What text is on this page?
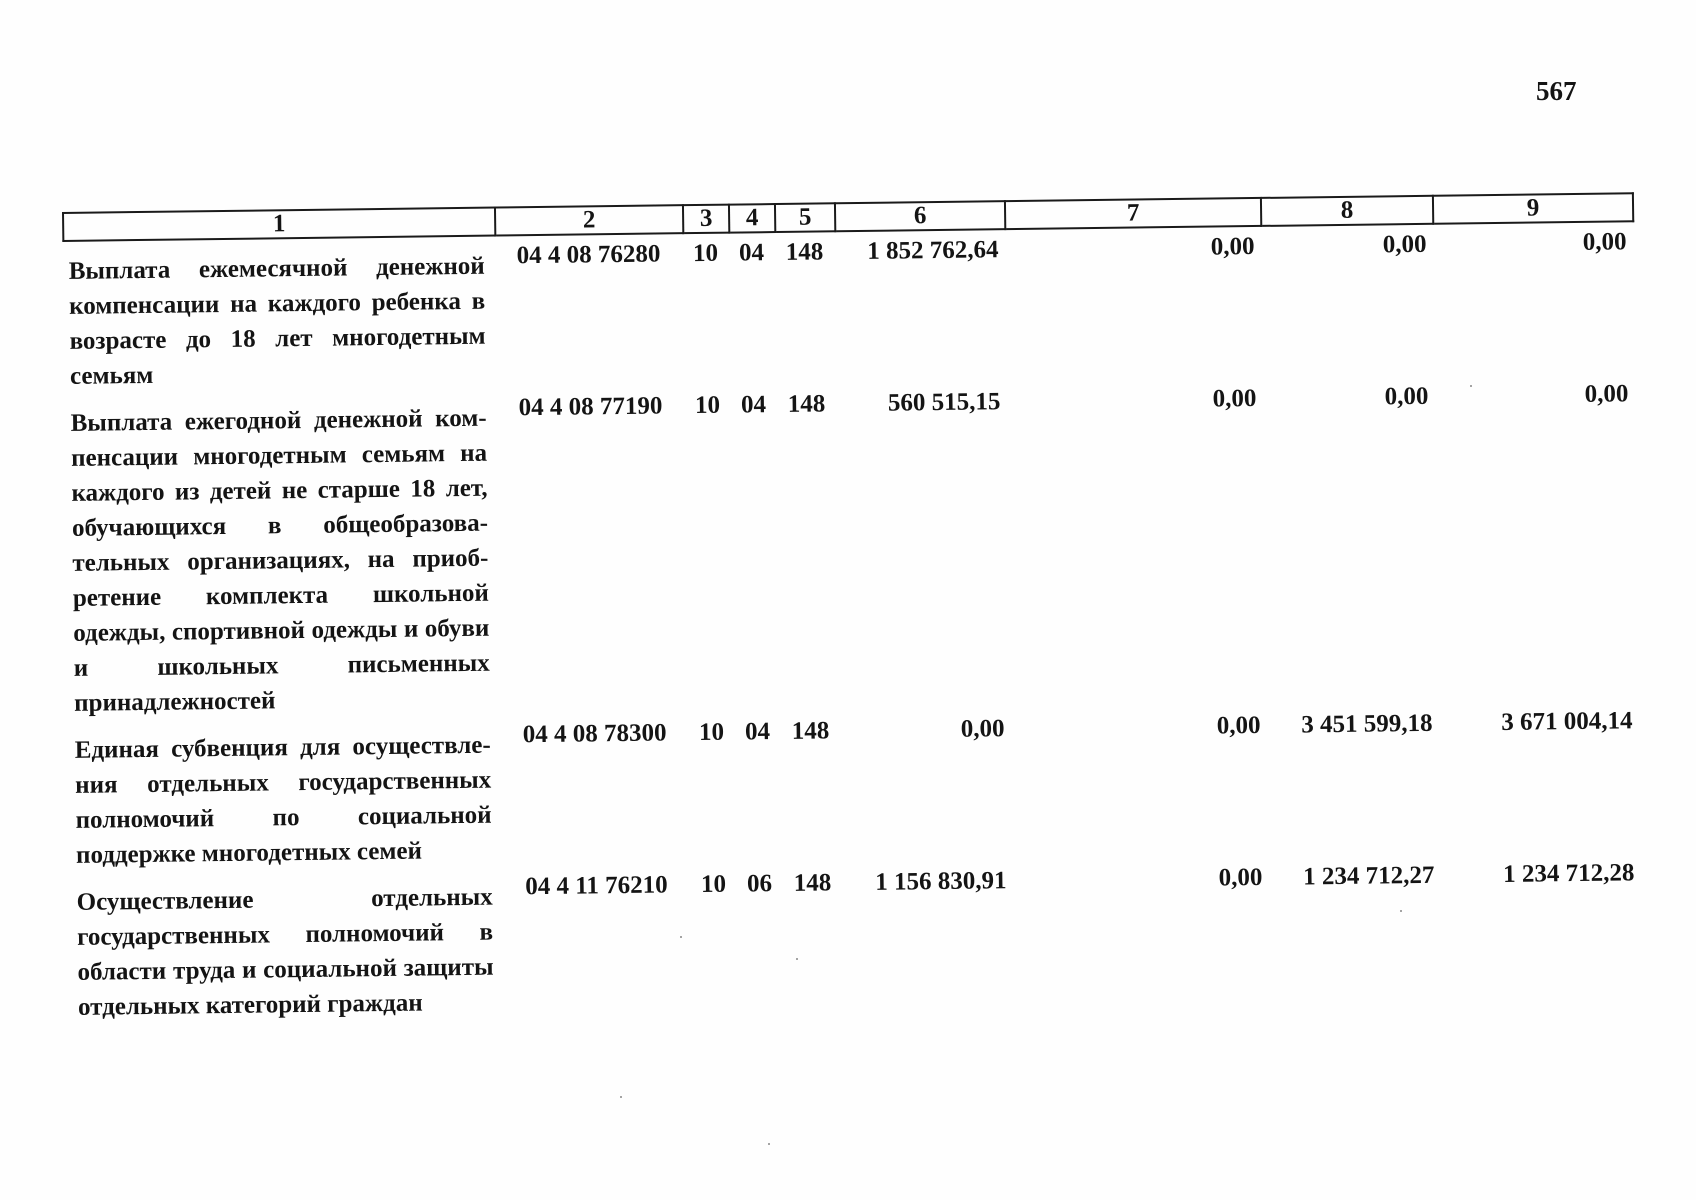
567
1	2	3	4	5	6	7	8	9
Выплата ежемесячной денежной компенсации на каждого ребенка в возрасте до 18 лет многодетным семьям	04 4 08 76280	10	04	148	1 852 762,64	0,00	0,00	0,00
Выплата ежегодной денежной компенсации многодетным семьям на каждого из детей не старше 18 лет, обучающихся в общеобразовательных организациях, на приобретение комплекта школьной одежды, спортивной одежды и обуви и школьных письменных принадлежностей	04 4 08 77190	10	04	148	560 515,15	0,00	0,00	0,00
Единая субвенция для осуществления отдельных государственных полномочий по социальной поддержке многодетных семей	04 4 08 78300	10	04	148	0,00	0,00	3 451 599,18	3 671 004,14
Осуществление отдельных государственных полномочий в области труда и социальной защиты отдельных категорий граждан	04 4 11 76210	10	06	148	1 156 830,91	0,00	1 234 712,27	1 234 712,28
